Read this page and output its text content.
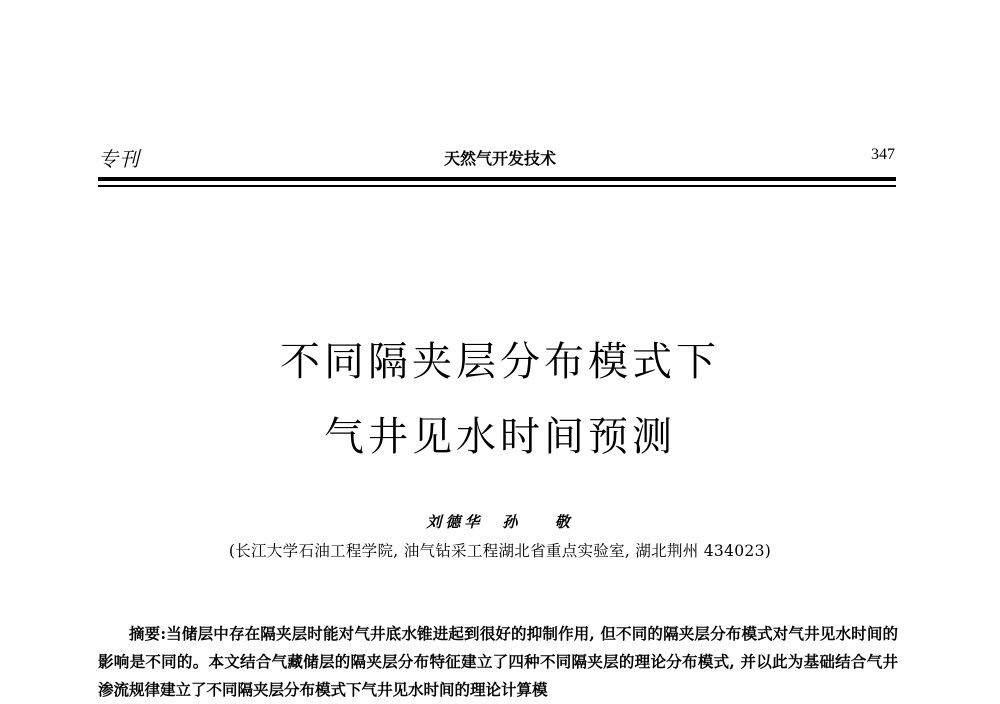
专刊	天然气开发技术	347
不同隔夹层分布模式下
气井见水时间预测
刘德华　孙 敬
(长江大学石油工程学院, 油气钻采工程湖北省重点实验室, 湖北荆州 434023)

摘要:当储层中存在隔夹层时能对气井底水锥进起到很好的抑制作用, 但不同的隔夹层分布模式对气井见水时间的影响是不同的。本文结合气藏储层的隔夹层分布特征建立了四种不同隔夹层的理论分布模式, 并以此为基础结合气井渗流规律建立了不同隔夹层分布模式下气井见水时间的理论计算模
